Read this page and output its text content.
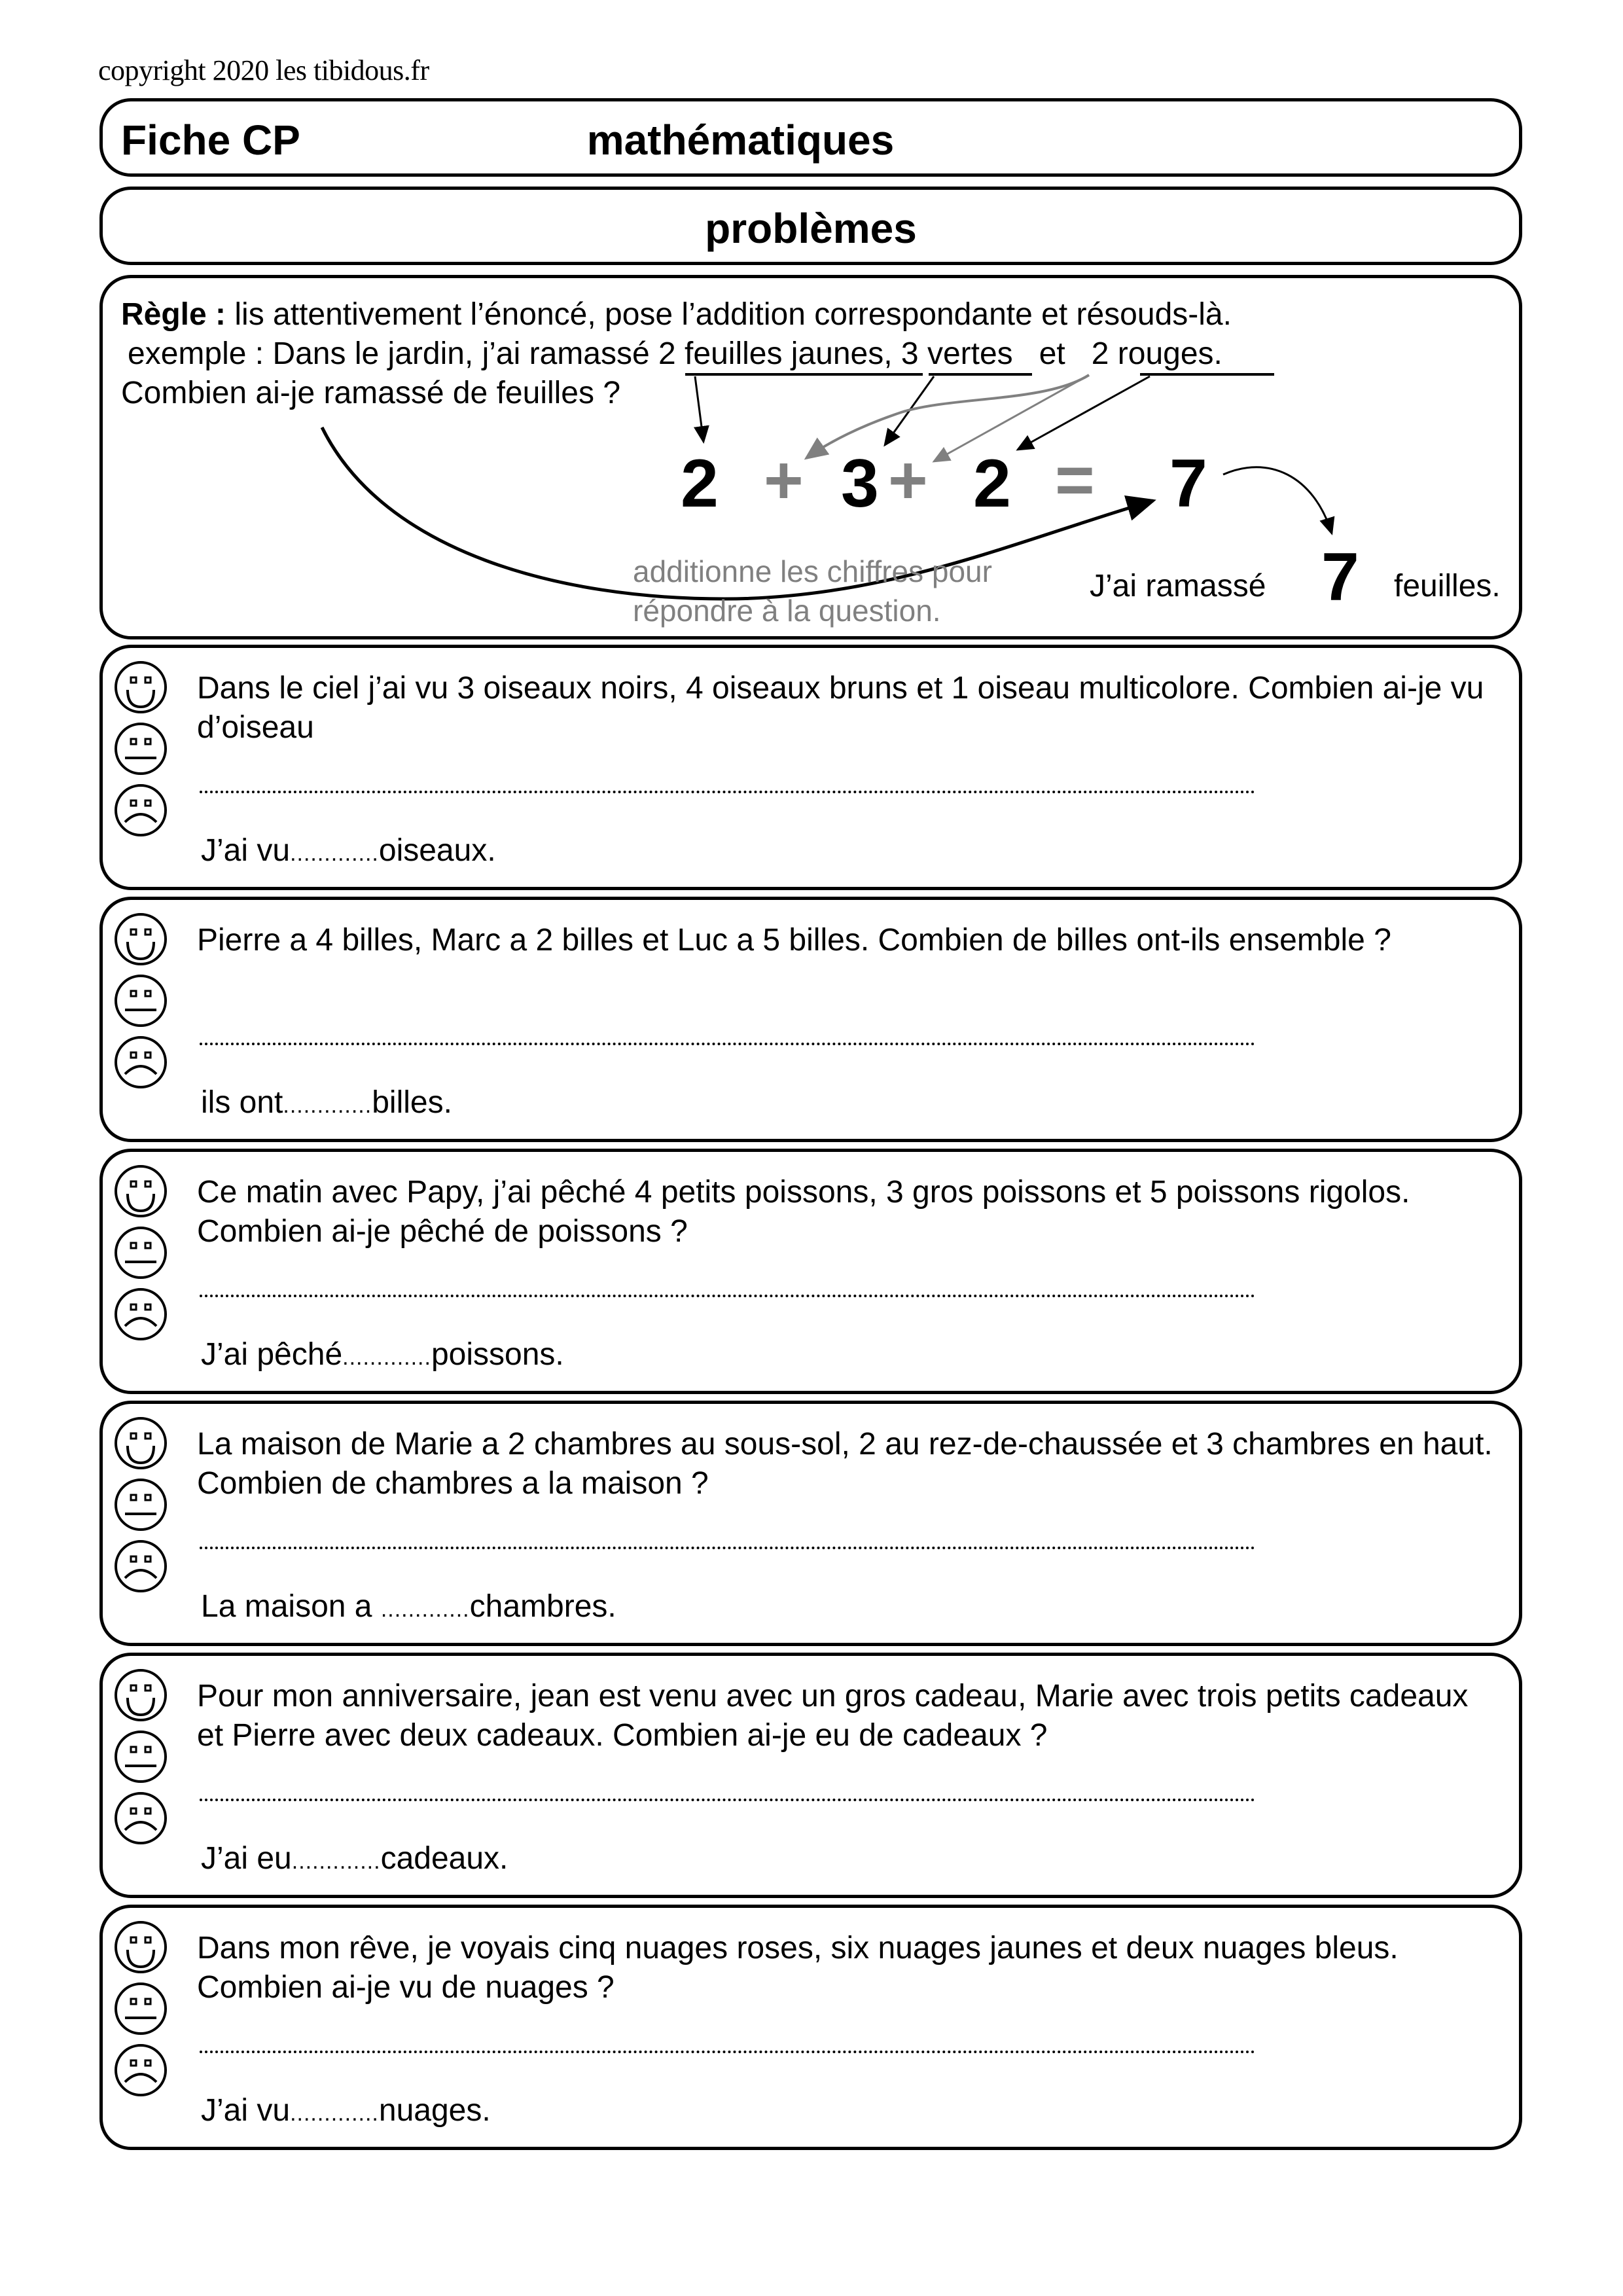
copyright 2020 les tibidous.fr
Fiche CP	mathématiques
problèmes
Règle : lis attentivement l’énoncé, pose l’addition correspondante et résouds-là.
exemple : Dans le jardin, j’ai ramassé 2 feuilles jaunes, 3 vertes et 2 rouges.
Combien ai-je ramassé de feuilles ?
2 + 3 + 2 = 7
additionne les chiffres pour
répondre à la question.
J’ai ramassé 7 feuilles.
Dans le ciel j’ai vu 3 oiseaux noirs, 4 oiseaux bruns et 1 oiseau multicolore. Combien ai-je vu d’oiseau
J’ai vu.............oiseaux.
Pierre a 4 billes, Marc a 2 billes et Luc a 5 billes. Combien de billes ont-ils ensemble ?
ils ont.............billes.
Ce matin avec Papy, j’ai pêché 4 petits poissons, 3 gros poissons et 5 poissons rigolos. Combien ai-je pêché de poissons ?
J’ai pêché.............poissons.
La maison de Marie a 2 chambres au sous-sol, 2 au rez-de-chaussée et 3 chambres en haut. Combien de chambres a la maison ?
La maison a .............chambres.
Pour mon anniversaire, jean est venu avec un gros cadeau, Marie avec trois petits cadeaux et Pierre avec deux cadeaux. Combien ai-je eu de cadeaux ?
J’ai eu.............cadeaux.
Dans mon rêve, je voyais cinq nuages roses, six nuages jaunes et deux nuages bleus. Combien ai-je vu de nuages ?
J’ai vu.............nuages.
